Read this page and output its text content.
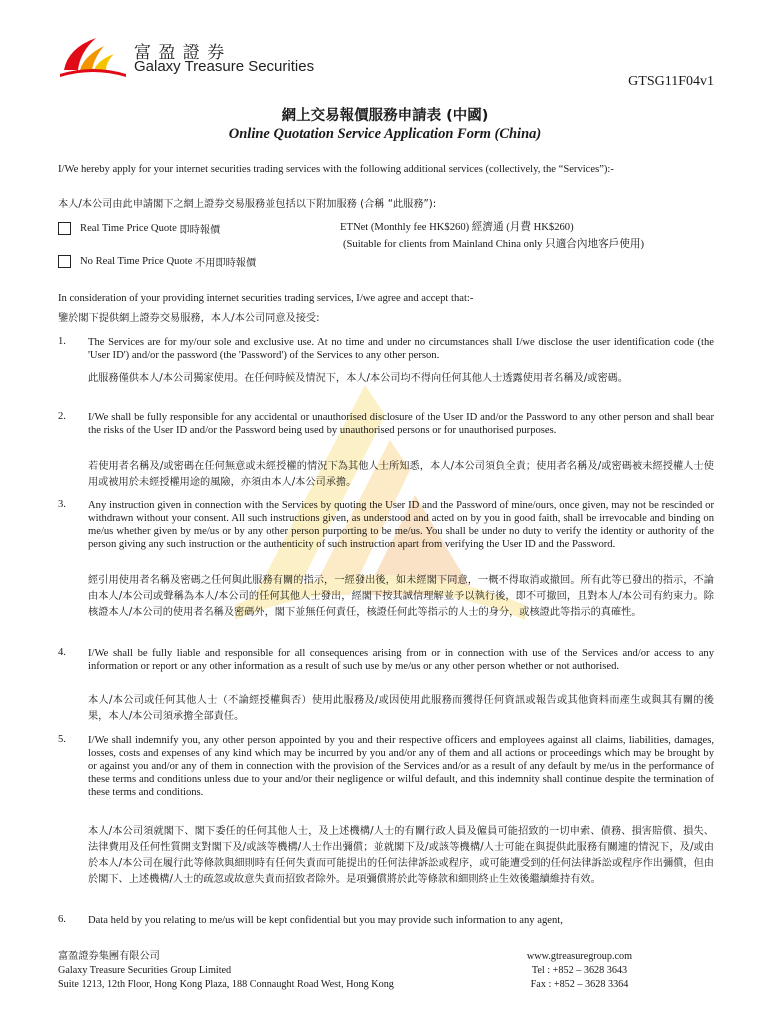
富 盈 證 券
Galaxy Treasure Securities
GTSG11F04v1
網上交易報價服務申請表 (中國)
Online Quotation Service Application Form (China)
I/We hereby apply for your internet securities trading services with the following additional services (collectively, the “Services”):-
本人/本公司由此申請閣下之網上證券交易服務並包括以下附加服務 (合稱 “此服務”):
Real Time Price Quote
即時報價	ETNet (Monthly fee HK$260) 經濟通 (月費 HK$260)
(Suitable for clients from Mainland China only 只適合內地客戶使用)
No Real Time Price Quote
不用即時報價
In consideration of your providing internet securities trading services, I/we agree and accept that:-
鑒於閣下提供網上證券交易服務，本人/本公司同意及接受:
1. The Services are for my/our sole and exclusive use. At no time and under no circumstances shall I/we disclose the user identification code (the 'User ID') and/or the password (the 'Password') of the Services to any other person.
此服務僅供本人/本公司獨家使用。在任何時候及情況下，本人/本公司均不得向任何其他人士透露使用者名稱及/或密碼。
2. I/We shall be fully responsible for any accidental or unauthorised disclosure of the User ID and/or the Password to any other person and shall bear the risks of the User ID and/or the Password being used by unauthorised persons or for unauthorised purposes.
若使用者名稱及/或密碼在任何無意或未經授權的情況下為其他人士所知悉，本人/本公司須負全責；使用者名稱及/或密碼被未經授權人士使用或被用於未經授權用途的風險，亦須由本人/本公司承擔。
3. Any instruction given in connection with the Services by quoting the User ID and the Password of mine/ours, once given, may not be rescinded or withdrawn without your consent. All such instructions given, as understood and acted on by you in good faith, shall be irrevocable and binding on me/us whether given by me/us or by any other person purporting to be me/us. You shall be under no duty to verify the identity or authority of the person giving any such instruction or the authenticity of such instruction apart from verifying the User ID and the Password.
經引用使用者名稱及密碼之任何與此服務有關的指示，一經發出後，如未經閣下同意，一概不得取消或撤回。所有此等已發出的指示，不論由本人/本公司或聲稱為本人/本公司的任何其他人士發出，經閣下按其誠信理解並予以執行後，即不可撤回，且對本人/本公司有約束力。除核證本人/本公司的使用者名稱及密碼外，閣下並無任何責任，核證任何此等指示的人士的身分，或核證此等指示的真確性。
4. I/We shall be fully liable and responsible for all consequences arising from or in connection with use of the Services and/or access to any information or report or any other information as a result of such use by me/us or any other person whether or not authorised.
本人/本公司或任何其他人士（不論經授權與否）使用此服務及/或因使用此服務而獲得任何資訊或報告或其他資料而產生或與其有關的後果，本人/本公司須承擔全部責任。
5. I/We shall indemnify you, any other person appointed by you and their respective officers and employees against all claims, liabilities, damages, losses, costs and expenses of any kind which may be incurred by you and/or any of them and all actions or proceedings which may be brought by or against you and/or any of them in connection with the provision of the Services and/or as a result of any default by me/us in the performance of these terms and conditions unless due to your and/or their negligence or wilful default, and this indemnity shall continue despite the termination of these terms and conditions.
本人/本公司須就閣下、閣下委任的任何其他人士，及上述機構/人士的有關行政人員及僱員可能招致的一切申索、債務、損害賠償、損失、法律費用及任何性質開支對閣下及/或該等機構/人士作出彌償；並就閣下及/或該等機構/人士可能在與提供此服務有關連的情況下，及/或由於本人/本公司在履行此等條款與細則時有任何失責而可能提出的任何法律訴訟或程序，或可能遭受到的任何法律訴訟或程序作出彌償，但由於閣下、上述機構/人士的疏忽或故意失責而招致者除外。是項彌償將於此等條款和細則終止生效後繼續維持有效。
6. Data held by you relating to me/us will be kept confidential but you may provide such information to any agent,
富盈證券集團有限公司
Galaxy Treasure Securities Group Limited
Suite 1213, 12th Floor, Hong Kong Plaza, 188 Connaught Road West, Hong Kong
www.gtreasuregroup.com
Tel : +852 – 3628 3643
Fax : +852 – 3628 3364
